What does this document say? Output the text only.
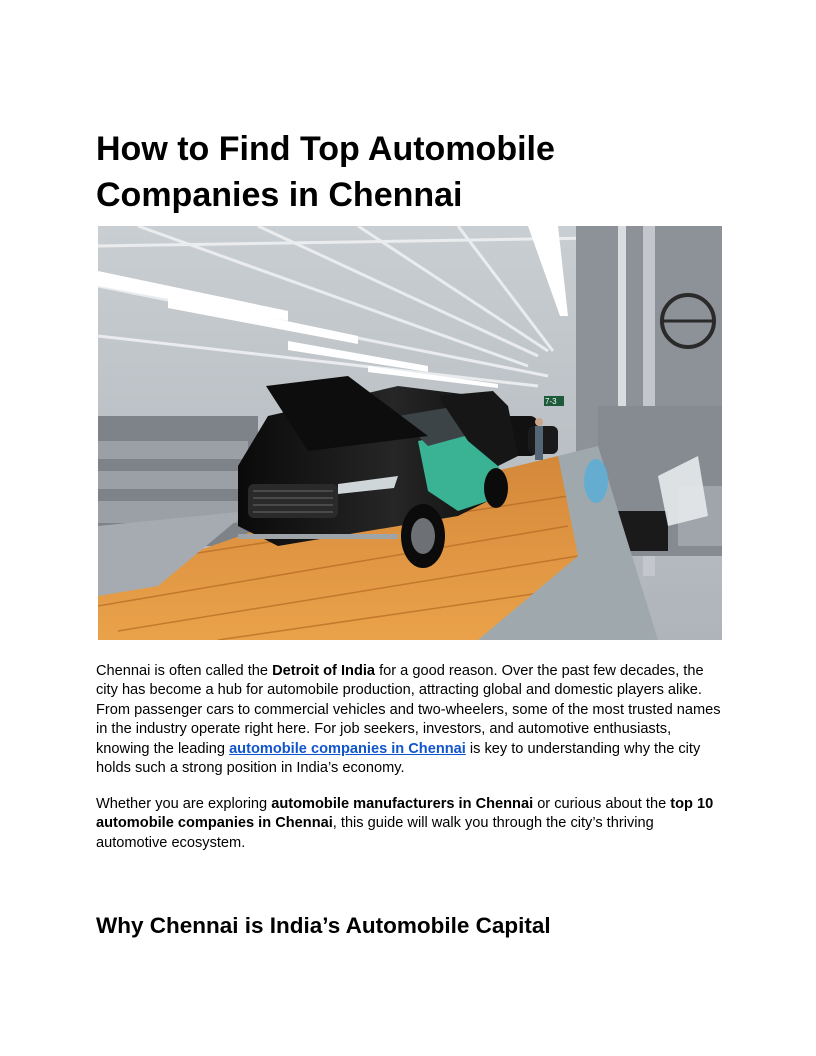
How to Find Top Automobile
Companies in Chennai
7-3

Chennai is often called the Detroit of India for a good reason. Over the past few decades, the city has become a hub for automobile production, attracting global and domestic players alike. From passenger cars to commercial vehicles and two-wheelers, some of the most trusted names in the industry operate right here. For job seekers, investors, and automotive enthusiasts, knowing the leading automobile companies in Chennai is key to understanding why the city holds such a strong position in India’s economy.

Whether you are exploring automobile manufacturers in Chennai or curious about the top 10 automobile companies in Chennai, this guide will walk you through the city’s thriving automotive ecosystem.

Why Chennai is India’s Automobile Capital
